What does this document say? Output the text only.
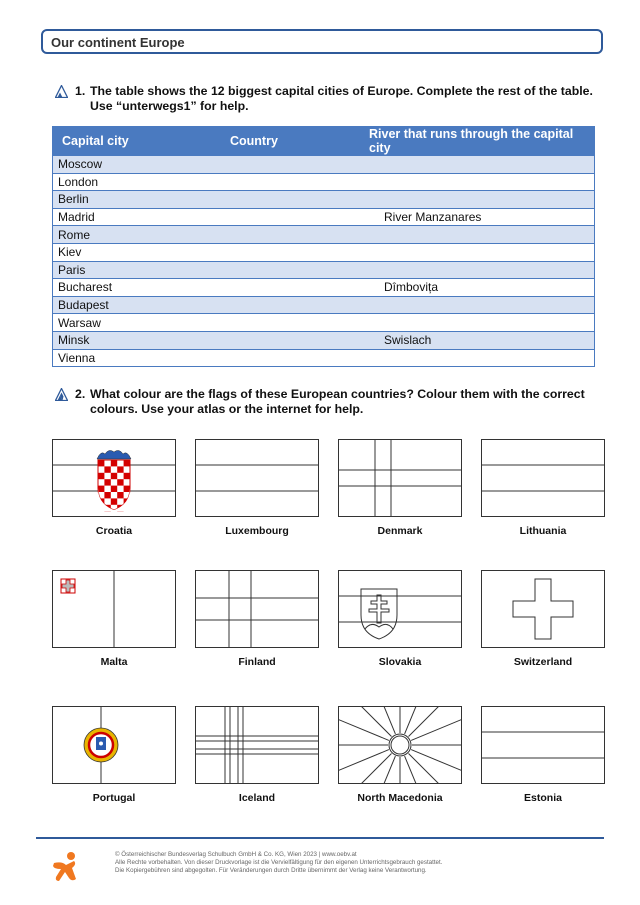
Our continent Europe
1. The table shows the 12 biggest capital cities of Europe. Complete the rest of the table. Use “unterwegs1” for help.
Capital city	Country	River that runs through the capital city
Moscow		
London		
Berlin		
Madrid		River Manzanares
Rome		
Kiev		
Paris		
Bucharest		Dîmbovița
Budapest		
Warsaw		
Minsk		Swislach
Vienna		
2. What colour are the flags of these European countries? Colour them with the correct colours. Use your atlas or the internet for help.
Croatia	Luxembourg	Denmark	Lithuania
Malta	Finland	Slovakia	Switzerland
Portugal	Iceland	North Macedonia	Estonia
© Österreichischer Bundesverlag Schulbuch GmbH & Co. KG, Wien 2023 | www.oebv.at
Alle Rechte vorbehalten. Von dieser Druckvorlage ist die Vervielfältigung für den eigenen Unterrichtsgebrauch gestattet.
Die Kopiergebühren sind abgegolten. Für Veränderungen durch Dritte übernimmt der Verlag keine Verantwortung.
